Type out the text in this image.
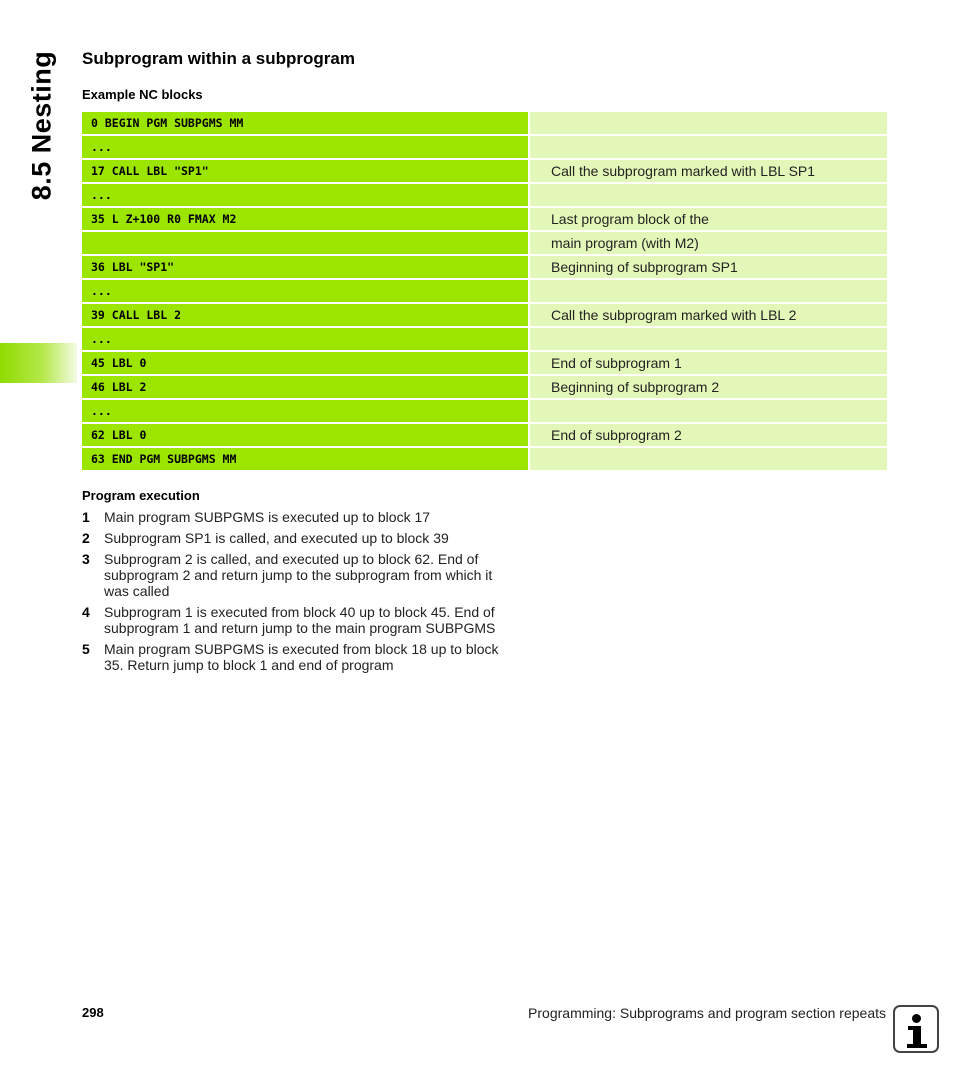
8.5 Nesting Subprogram within a subprogram
Example NC blocks
0 BEGIN PGM SUBPGMS MM
...
17 CALL LBL "SP1"	Call the subprogram marked with LBL SP1
...
35 L Z+100 R0 FMAX M2	Last program block of the
main program (with M2)
36 LBL "SP1"	Beginning of subprogram SP1
...
39 CALL LBL 2	Call the subprogram marked with LBL 2
...
45 LBL 0	End of subprogram 1
46 LBL 2	Beginning of subprogram 2
...
62 LBL 0	End of subprogram 2
63 END PGM SUBPGMS MM
Program execution
1	Main program SUBPGMS is executed up to block 17
2	Subprogram SP1 is called, and executed up to block 39
3	Subprogram 2 is called, and executed up to block 62. End of subprogram 2 and return jump to the subprogram from which it was called
4	Subprogram 1 is executed from block 40 up to block 45. End of subprogram 1 and return jump to the main program SUBPGMS
5	Main program SUBPGMS is executed from block 18 up to block 35. Return jump to block 1 and end of program
298	Programming: Subprograms and program section repeats
